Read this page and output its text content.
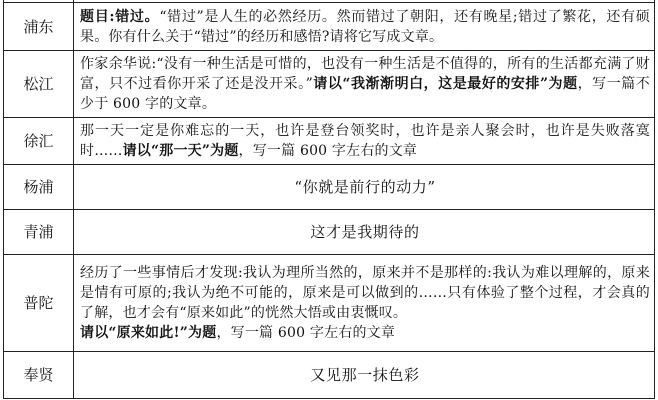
浦东	题目:错过。“错过”是人生的必然经历。然而错过了朝阳，还有晚星;错过了繁花，还有硕果。你有什么关于“错过”的经历和感悟?请将它写成文章。
松江	作家余华说:“没有一种生活是可惜的，也没有一种生活是不值得的，所有的生活都充满了财富，只不过看你开采了还是没开采。”请以“我渐渐明白，这是最好的安排”为题，写一篇不少于 600 字的文章。
徐汇	那一天一定是你难忘的一天，也许是登台领奖时，也许是亲人聚会时，也许是失败落寞时……请以“那一天”为题，写一篇 600 字左右的文章
杨浦	“你就是前行的动力”
青浦	这才是我期待的
普陀	经历了一些事情后才发现:我认为理所当然的，原来并不是那样的:我认为难以理解的，原来是情有可原的;我认为绝不可能的，原来是可以做到的……只有体验了整个过程，才会真的了解，也才会有“原来如此”的恍然大悟或由衷慨叹。
请以“原来如此!”为题，写一篇 600 字左右的文章
奉贤	又见那一抹色彩
